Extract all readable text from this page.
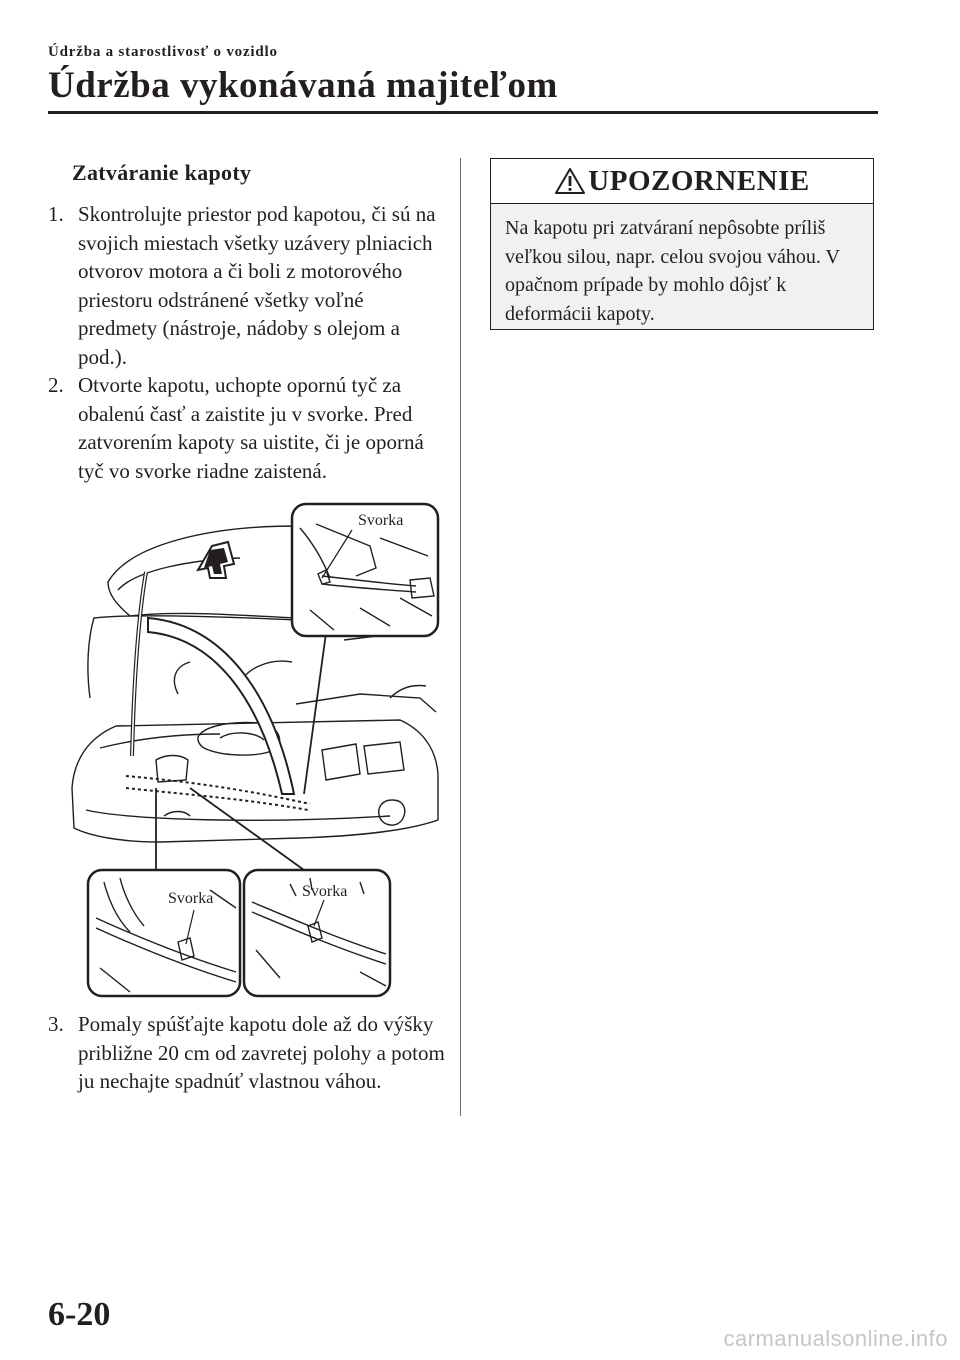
Údržba a starostlivosť o vozidlo
Údržba vykonávaná majiteľom
Zatváranie kapoty
1. Skontrolujte priestor pod kapotou, či sú na svojich miestach všetky uzávery plniacich otvorov motora a či boli z motorového priestoru odstránené všetky voľné predmety (nástroje, nádoby s olejom a pod.).
2. Otvorte kapotu, uchopte opornú tyč za obalenú časť a zaistite ju v svorke. Pred zatvorením kapoty sa uistite, či je oporná tyč vo svorke riadne zaistená.
Svorka
Svorka	Svorka
3. Pomaly spúšťajte kapotu dole až do výšky približne 20 cm od zavretej polohy a potom ju nechajte spadnúť vlastnou váhou.
UPOZORNENIE
Na kapotu pri zatváraní nepôsobte príliš veľkou silou, napr. celou svojou váhou. V opačnom prípade by mohlo dôjsť k deformácii kapoty.
6-20
carmanualsonline.info
